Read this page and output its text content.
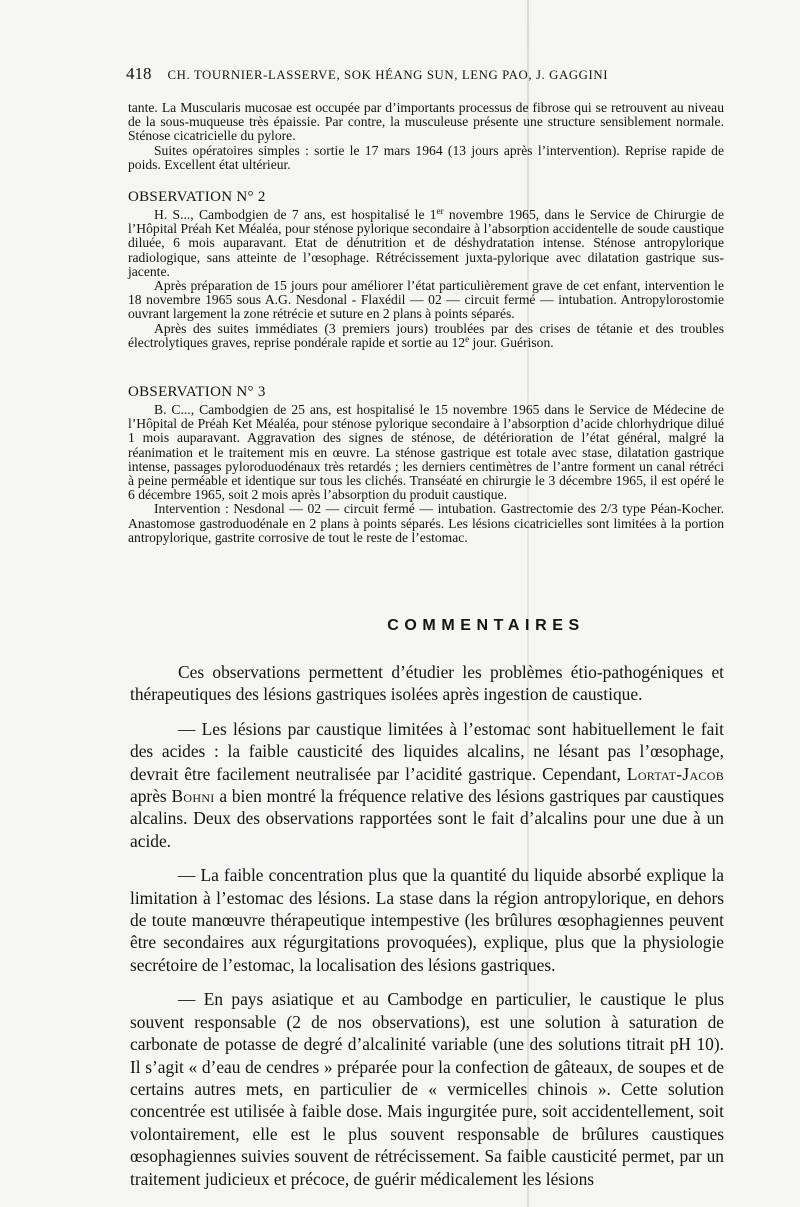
418 CH. TOURNIER-LASSERVE, SOK HÉANG SUN, LENG PAO, J. GAGGINI

tante. La Muscularis mucosae est occupée par d’importants processus de fibrose qui se retrouvent au niveau de la sous-muqueuse très épaissie. Par contre, la musculeuse présente une structure sensiblement normale. Sténose cicatricielle du pylore.

Suites opératoires simples : sortie le 17 mars 1964 (13 jours après l’intervention). Reprise rapide de poids. Excellent état ultérieur.

OBSERVATION N° 2

H. S..., Cambodgien de 7 ans, est hospitalisé le 1er novembre 1965, dans le Service de Chirurgie de l’Hôpital Préah Ket Méaléa, pour sténose pylorique secondaire à l’absorption accidentelle de soude caustique diluée, 6 mois auparavant. Etat de dénutrition et de déshydratation intense. Sténose antropylorique radiologique, sans atteinte de l’œsophage. Rétrécissement juxta-pylorique avec dilatation gastrique sus-jacente.

Après préparation de 15 jours pour améliorer l’état particulièrement grave de cet enfant, intervention le 18 novembre 1965 sous A.G. Nesdonal - Flaxédil — 02 — circuit fermé — intubation. Antropylorostomie ouvrant largement la zone rétrécie et suture en 2 plans à points séparés.

Après des suites immédiates (3 premiers jours) troublées par des crises de tétanie et des troubles électrolytiques graves, reprise pondérale rapide et sortie au 12e jour. Guérison.

OBSERVATION N° 3

B. C..., Cambodgien de 25 ans, est hospitalisé le 15 novembre 1965 dans le Service de Médecine de l’Hôpital de Préah Ket Méaléa, pour sténose pylorique secondaire à l’absorption d’acide chlorhydrique dilué 1 mois auparavant. Aggravation des signes de sténose, de détérioration de l’état général, malgré la réanimation et le traitement mis en œuvre. La sténose gastrique est totale avec stase, dilatation gastrique intense, passages pyloroduodénaux très retardés ; les derniers centimètres de l’antre forment un canal rétréci à peine perméable et identique sur tous les clichés. Transéaté en chirurgie le 3 décembre 1965, il est opéré le 6 décembre 1965, soit 2 mois après l’absorption du produit caustique.

Intervention : Nesdonal — 02 — circuit fermé — intubation. Gastrectomie des 2/3 type Péan-Kocher. Anastomose gastroduodénale en 2 plans à points séparés. Les lésions cicatricielles sont limitées à la portion antropylorique, gastrite corrosive de tout le reste de l’estomac.

COMMENTAIRES

Ces observations permettent d’étudier les problèmes étio-pathogéniques et thérapeutiques des lésions gastriques isolées après ingestion de caustique.

— Les lésions par caustique limitées à l’estomac sont habituellement le fait des acides : la faible causticité des liquides alcalins, ne lésant pas l’œsophage, devrait être facilement neutralisée par l’acidité gastrique. Cependant, Lortat-Jacob après Bohni a bien montré la fréquence relative des lésions gastriques par caustiques alcalins. Deux des observations rapportées sont le fait d’alcalins pour une due à un acide.

— La faible concentration plus que la quantité du liquide absorbé explique la limitation à l’estomac des lésions. La stase dans la région antropylorique, en dehors de toute manœuvre thérapeutique intempestive (les brûlures œsophagiennes peuvent être secondaires aux régurgitations provoquées), explique, plus que la physiologie secrétoire de l’estomac, la localisation des lésions gastriques.

— En pays asiatique et au Cambodge en particulier, le caustique le plus souvent responsable (2 de nos observations), est une solution à saturation de carbonate de potasse de degré d’alcalinité variable (une des solutions titrait pH 10). Il s’agit « d’eau de cendres » préparée pour la confection de gâteaux, de soupes et de certains autres mets, en particulier de « vermicelles chinois ». Cette solution concentrée est utilisée à faible dose. Mais ingurgitée pure, soit accidentellement, soit volontairement, elle est le plus souvent responsable de brûlures caustiques œsophagiennes suivies souvent de rétrécissement. Sa faible causticité permet, par un traitement judicieux et précoce, de guérir médicalement les lésions
